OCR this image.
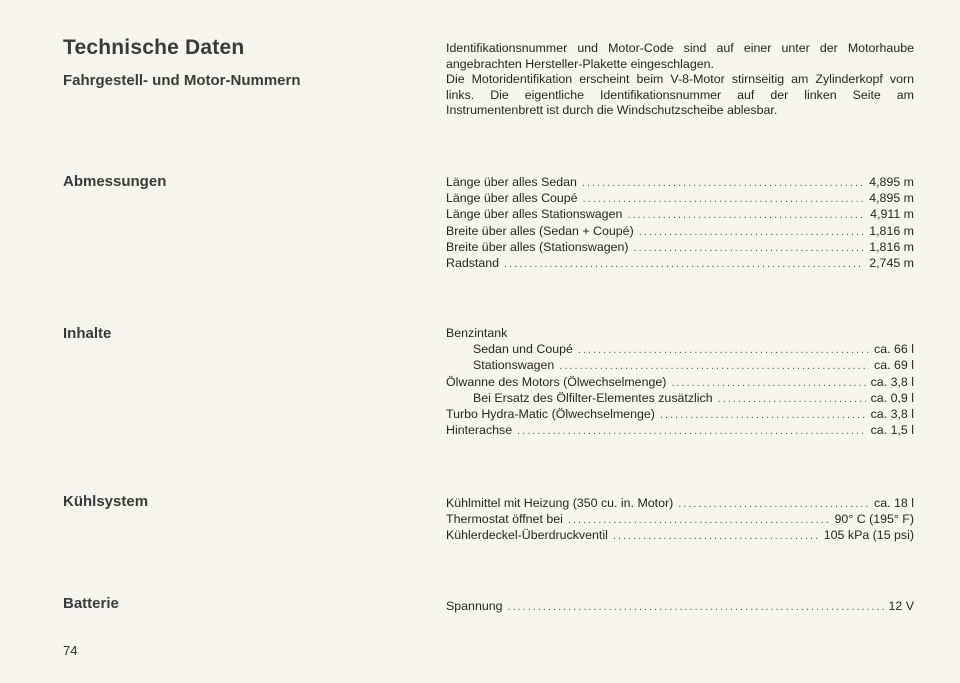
Technische Daten
Fahrgestell- und Motor-Nummern

Identifikationsnummer und Motor-Code sind auf einer unter der Motorhaube angebrachten Hersteller-Plakette eingeschlagen.

Die Motoridentifikation erscheint beim V-8-Motor stirnseitig am Zylinderkopf vorn links. Die eigentliche Identifikationsnummer auf der linken Seite am Instrumentenbrett ist durch die Windschutzscheibe ablesbar.

Abmessungen	Länge über alles Sedan .....	4,895 m
Länge über alles Coupé .....	4,895 m
Länge über alles Stationswagen .....	4,911 m
Breite über alles (Sedan + Coupé) .....	1,816 m
Breite über alles (Stationswagen) .....	1,816 m
Radstand .....	2,745 m
Inhalte	Benzintank
Sedan und Coupé .....	ca. 66 l
Stationswagen .....	ca. 69 l
Ölwanne des Motors (Ölwechselmenge) .....	ca. 3,8 l
Bei Ersatz des Ölfilter-Elementes zusätzlich .....	ca. 0,9 l
Turbo Hydra-Matic (Ölwechselmenge) .....	ca. 3,8 l
Hinterachse .....	ca. 1,5 l
Kühlsystem	Kühlmittel mit Heizung (350 cu. in. Motor) .....	ca. 18 l
Thermostat öffnet bei .....	90° C (195° F)
Kühlerdeckel-Überdruckventil .....	105 kPa (15 psi)
Batterie	Spannung .....	12 V
74
